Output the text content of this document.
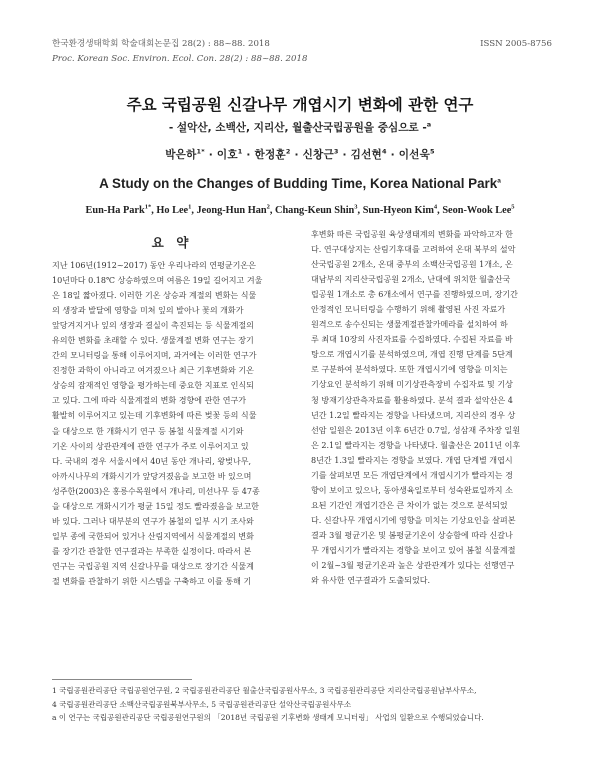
한국환경생태학회 학술대회논문집 28(2) : 88~88. 2018	ISSN 2005-8756
Proc. Korean Soc. Environ. Ecol. Con. 28(2) : 88~88. 2018
주요 국립공원 신갈나무 개엽시기 변화에 관한 연구
- 설악산, 소백산, 지리산, 월출산국립공원을 중심으로 -$^a$
박은하$^{1*}$ · 이호$^1$ · 한정훈$^2$ · 신창근$^3$ · 김선현$^4$ · 이선욱$^5$
A Study on the Changes of Budding Time, Korea National Park$^a$
Eun-Ha Park$^{1*}$, Ho Lee$^1$, Jeong-Hun Han$^2$, Chang-Keun Shin$^3$, Sun-Hyeon Kim$^4$, Seon-Wook Lee$^5$
요 약

지난 106년(1912~2017) 동안 우리나라의 연평균기온은
10년마다 0.18℃ 상승하였으며 여름은 19일 길어지고 겨울
은 18일 짧아졌다. 이러한 기온 상승과 계절의 변화는 식물
의 생장과 발달에 영향을 미쳐 잎의 발아나 꽃의 개화가
앞당겨지거나 잎의 생장과 결실이 촉진되는 등 식물계절의
유의한 변화를 초래할 수 있다. 생물계절 변화 연구는 장기
간의 모니터링을 통해 이루어지며, 과거에는 이러한 연구가
진정한 과학이 아니라고 여겨졌으나 최근 기후변화와 기온
상승의 잠재적인 영향을 평가하는데 중요한 지표로 인식되
고 있다. 그에 따라 식물계절의 변화 경향에 관한 연구가
활발히 이루어지고 있는데 기후변화에 따른 벚꽃 등의 식물
을 대상으로 한 개화시기 연구 등 봄철 식물계절 시기와
기온 사이의 상관관계에 관한 연구가 주로 이루어지고 있
다. 국내의 경우 서울시에서 40년 동안 개나리, 왕벚나무,
아까시나무의 개화시기가 앞당겨졌음을 보고한 바 있으며
성주한(2003)은 홍릉수목원에서 개나리, 미선나무 등 47종
을 대상으로 개화시기가 평균 15일 정도 빨라졌음을 보고한
바 있다. 그러나 대부분의 연구가 봄철의 일부 시기 조사와
일부 종에 국한되어 있거나 산림지역에서 식물계절의 변화
를 장기간 관찰한 연구결과는 부족한 실정이다. 따라서 본
연구는 국립공원 지역 신갈나무를 대상으로 장기간 식물계
절 변화를 관찰하기 위한 시스템을 구축하고 이를 통해 기

후변화 따른 국립공원 육상생태계의 변화를 파악하고자 한
다. 연구대상지는 산림기후대를 고려하여 온대 북부의 설악
산국립공원 2개소, 온대 중부의 소백산국립공원 1개소, 온
대남부의 지리산국립공원 2개소, 난대에 위치한 월출산국
립공원 1개소로 총 6개소에서 연구를 진행하였으며, 장기간
안정적인 모니터링을 수행하기 위해 촬영된 사진 자료가
원격으로 송수신되는 생물계절관찰카메라를 설치하여 하
루 최대 10장의 사진자료를 수집하였다. 수집된 자료를 바
탕으로 개엽시기를 분석하였으며, 개엽 진행 단계를 5단계
로 구분하여 분석하였다. 또한 개엽시기에 영향을 미치는
기상요인 분석하기 위해 미기상관측장비 수집자료 및 기상
청 방재기상관측자료를 활용하였다. 분석 결과 설악산은 4
년간 1.2일 빨라지는 경향을 나타냈으며, 지리산의 경우 상
선암 일원은 2013년 이후 6년간 0.7일, 성삼재 주차장 일원
은 2.1일 빨라지는 경향을 나타냈다. 월출산은 2011년 이후
8년간 1.3일 빨라지는 경향을 보였다. 개엽 단계별 개엽시
기를 살펴보면 모든 개엽단계에서 개엽시기가 빨라지는 경
향이 보이고 있으나, 동아생육일로부터 성숙완료일까지 소
요된 기간인 개엽기간은 큰 차이가 없는 것으로 분석되었
다. 신갈나무 개엽시기에 영향을 미치는 기상요인을 살펴본
결과 3월 평균기온 및 봄평균기온이 상승함에 따라 신갈나
무 개엽시기가 빨라지는 경향을 보이고 있어 봄철 식물계절
이 2월~3월 평균기온과 높은 상관관계가 있다는 선행연구
와 유사한 연구결과가 도출되었다.

1 국립공원관리공단 국립공원연구원, 2 국립공원관리공단 월출산국립공원사무소, 3 국립공원관리공단 지리산국립공원남부사무소,
4 국립공원관리공단 소백산국립공원북부사무소, 5 국립공원관리공단 설악산국립공원사무소
a 이 연구는 국립공원관리공단 국립공원연구원의 「2018년 국립공원 기후변화 생태계 모니터링」 사업의 일환으로 수행되었습니다.
